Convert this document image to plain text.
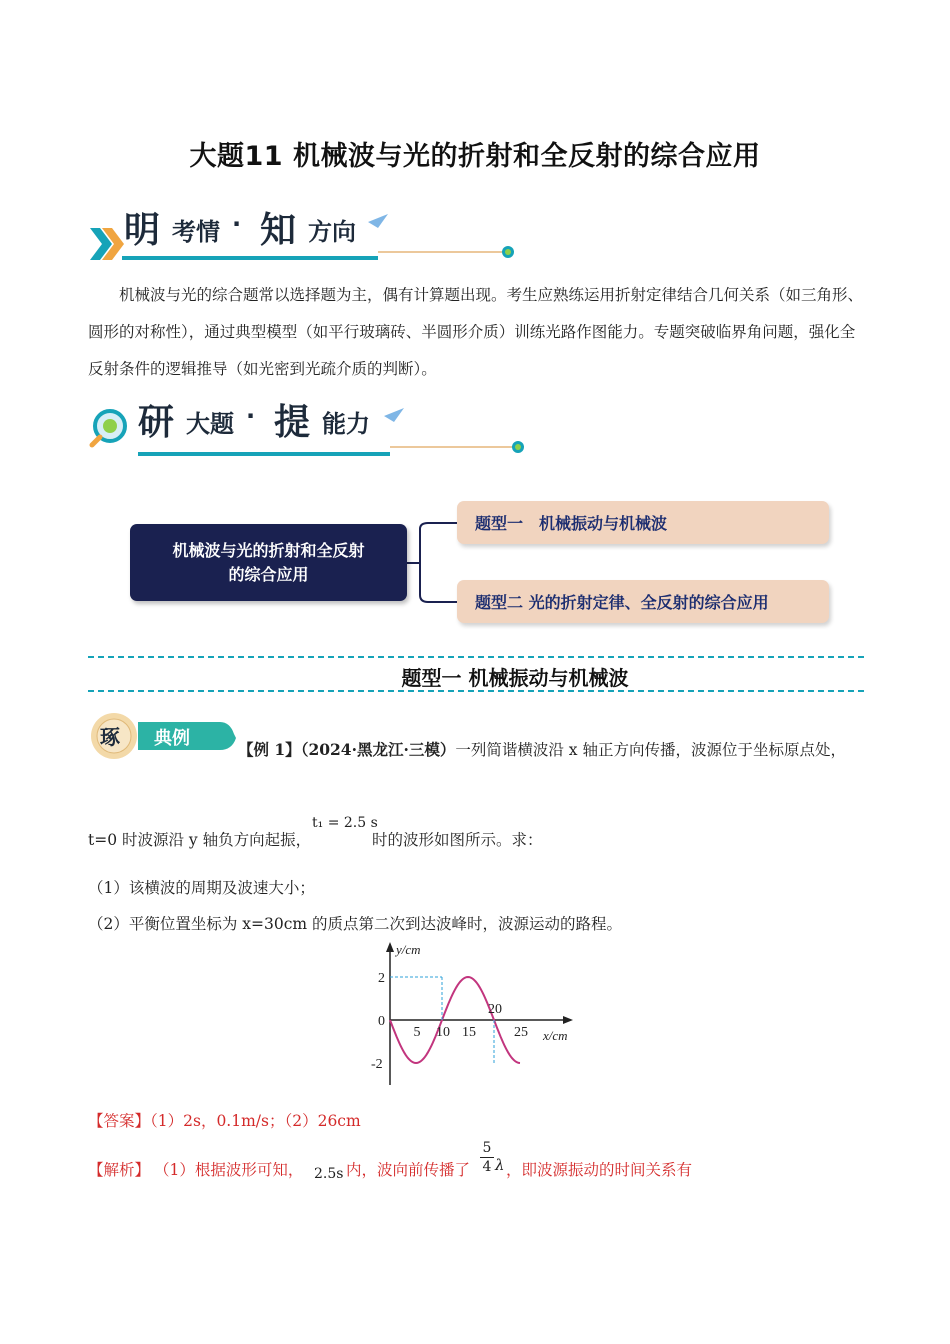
大题11 机械波与光的折射和全反射的综合应用
明 考情 · 知 方向

机械波与光的综合题常以选择题为主，偶有计算题出现。考生应熟练运用折射定律结合几何关系（如三角形、圆形的对称性），通过典型模型（如平行玻璃砖、半圆形介质）训练光路作图能力。专题突破临界角问题，强化全反射条件的逻辑推导（如光密到光疏介质的判断）。

研 大题 · 提 能力
机械波与光的折射和全反射
的综合应用
题型一　机械振动与机械波
题型二 光的折射定律、全反射的综合应用
题型一 机械振动与机械波
琢 典例
【例 1】（2024·黑龙江·三模）一列简谐横波沿 x 轴正方向传播，波源位于坐标原点处，
t₁ = 2.5 s
t=0 时波源沿 y 轴负方向起振，	时的波形如图所示。求：
（1）该横波的周期及波速大小；
（2）平衡位置坐标为 x=30cm 的质点第二次到达波峰时，波源运动的路程。
y/cm
x/cm
2
0
-2
5 10 15
20
25
【答案】（1）2s，0.1m/s；（2）26cm
【解析】 （1）根据波形可知， 2.5s 内，波向前传播了
5
4 λ ，即波源振动的时间关系有
